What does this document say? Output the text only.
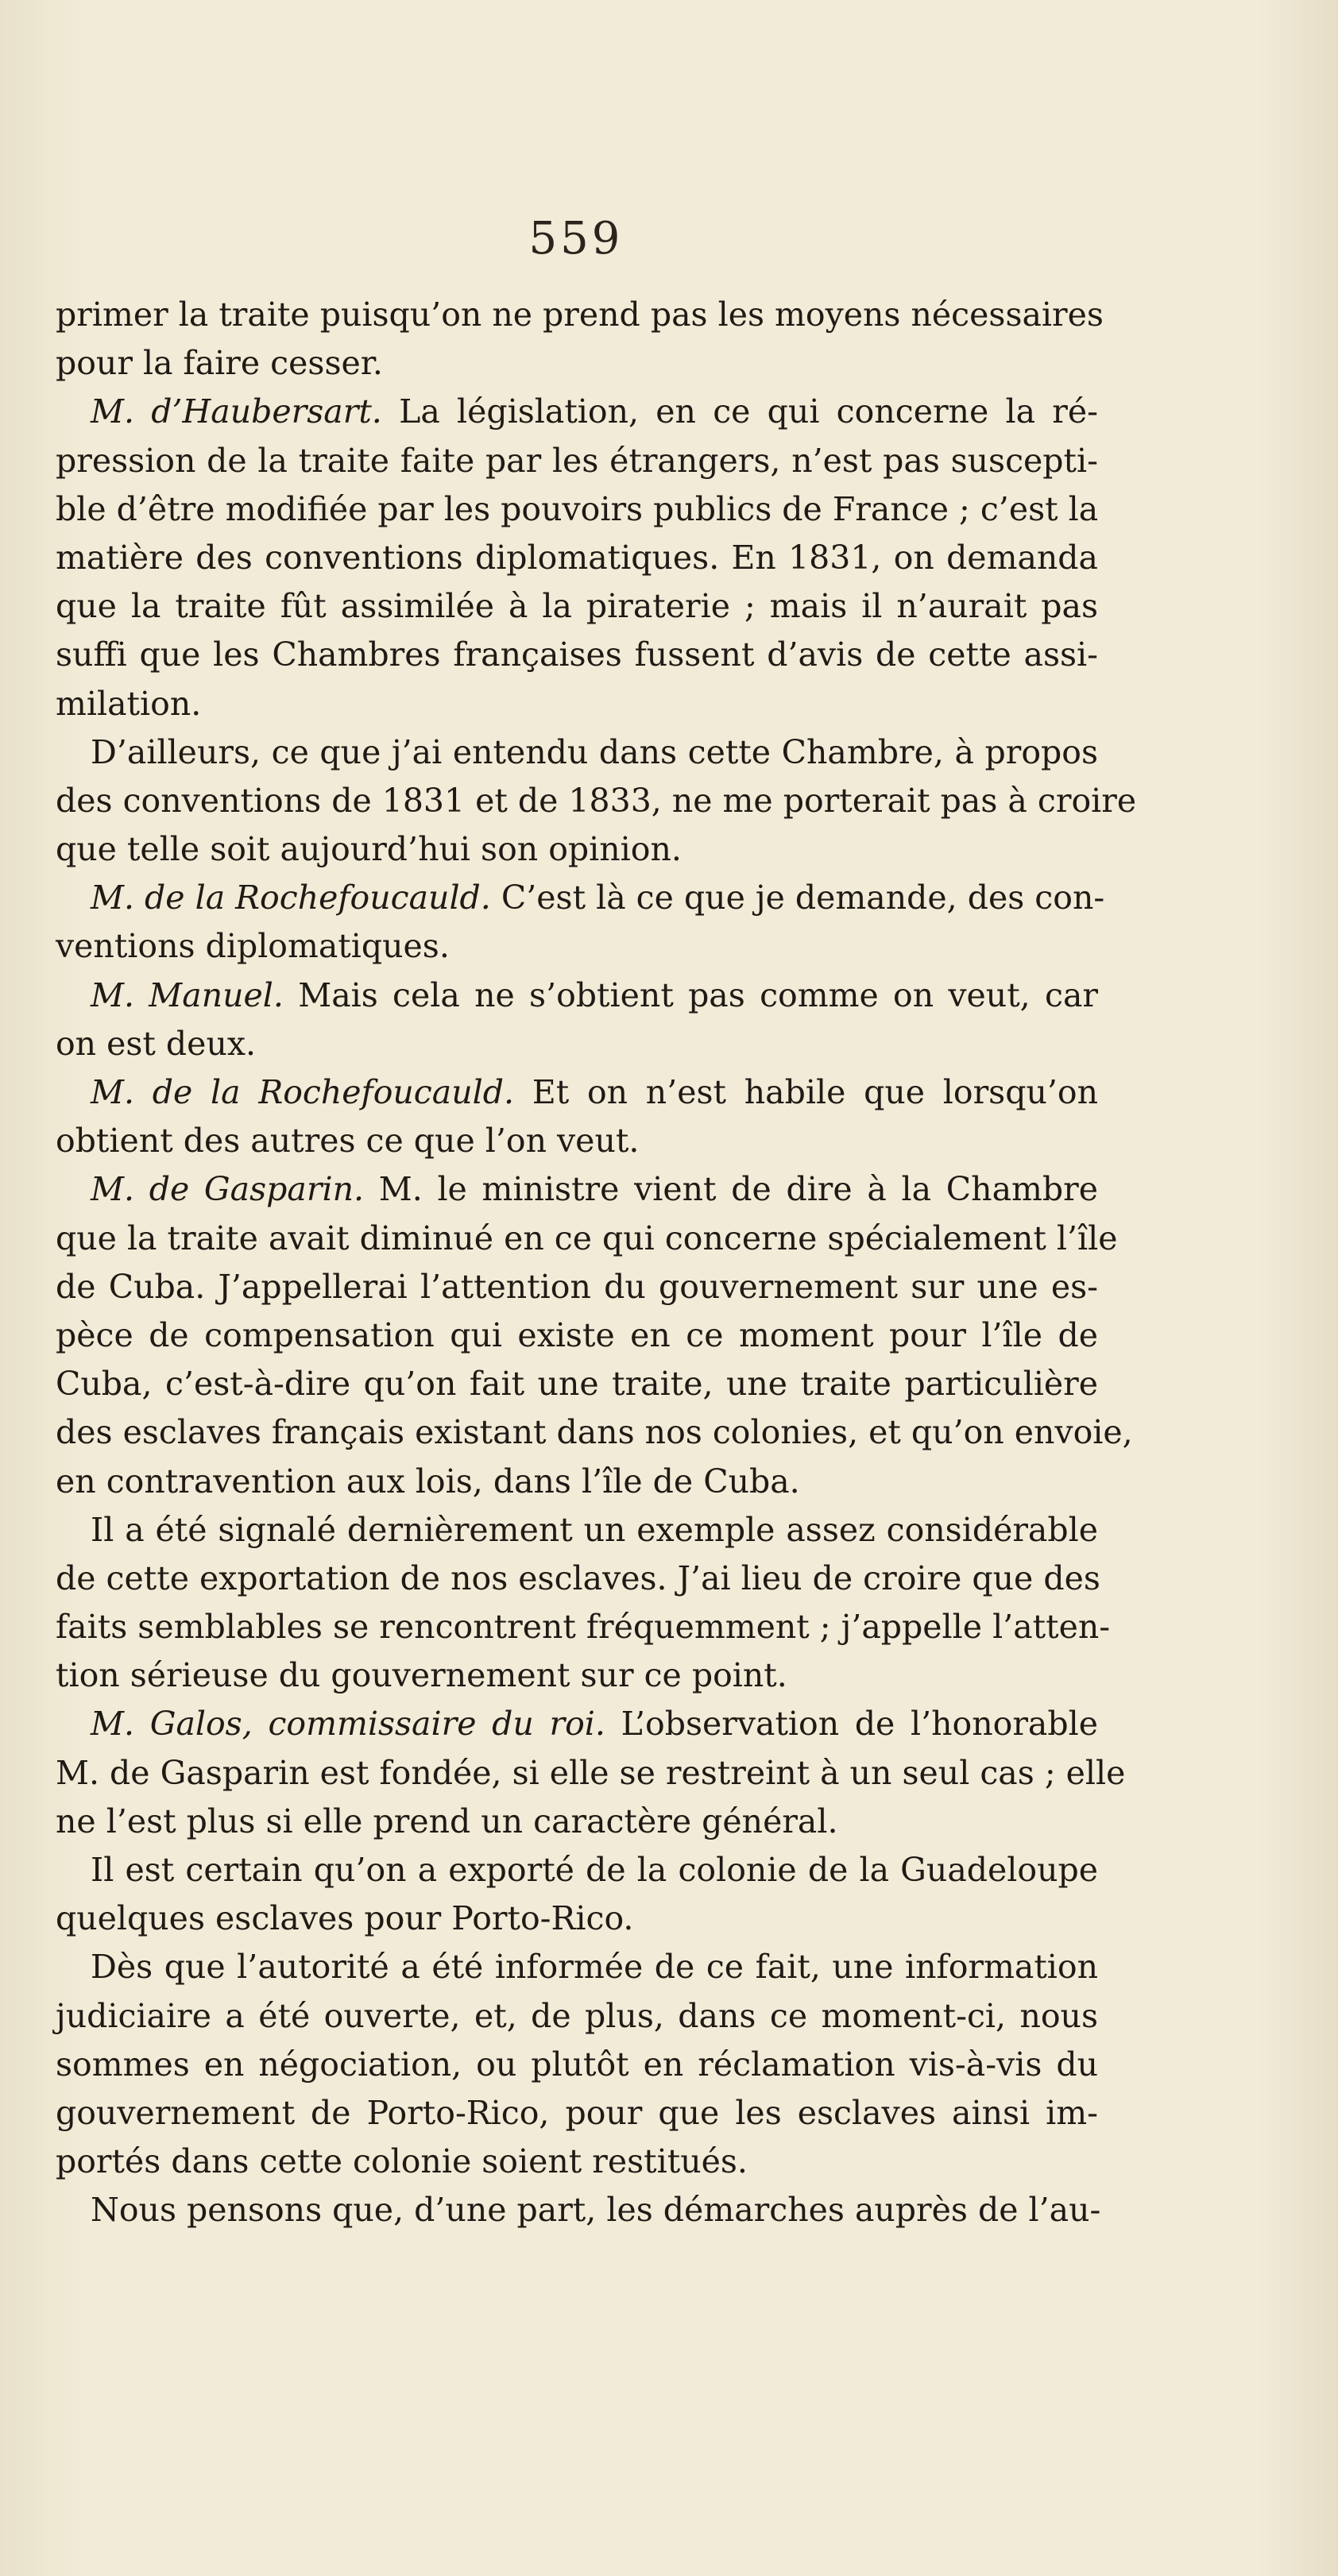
559
primer la traite puisqu’on ne prend pas les moyens nécessaires
pour la faire cesser.
M. d’Haubersart. La législation, en ce qui concerne la ré-
pression de la traite faite par les étrangers, n’est pas suscepti-
ble d’être modifiée par les pouvoirs publics de France ; c’est la
matière des conventions diplomatiques. En 1831, on demanda
que la traite fût assimilée à la piraterie ; mais il n’aurait pas
suffi que les Chambres françaises fussent d’avis de cette assi-
milation.
D’ailleurs, ce que j’ai entendu dans cette Chambre, à propos
des conventions de 1831 et de 1833, ne me porterait pas à croire
que telle soit aujourd’hui son opinion.
M. de la Rochefoucauld. C’est là ce que je demande, des con-
ventions diplomatiques.
M. Manuel. Mais cela ne s’obtient pas comme on veut, car
on est deux.
M. de la Rochefoucauld. Et on n’est habile que lorsqu’on
obtient des autres ce que l’on veut.
M. de Gasparin. M. le ministre vient de dire à la Chambre
que la traite avait diminué en ce qui concerne spécialement l’île
de Cuba. J’appellerai l’attention du gouvernement sur une es-
pèce de compensation qui existe en ce moment pour l’île de
Cuba, c’est-à-dire qu’on fait une traite, une traite particulière
des esclaves français existant dans nos colonies, et qu’on envoie,
en contravention aux lois, dans l’île de Cuba.
Il a été signalé dernièrement un exemple assez considérable
de cette exportation de nos esclaves. J’ai lieu de croire que des
faits semblables se rencontrent fréquemment ; j’appelle l’atten-
tion sérieuse du gouvernement sur ce point.
M. Galos, commissaire du roi. L’observation de l’honorable
M. de Gasparin est fondée, si elle se restreint à un seul cas ; elle
ne l’est plus si elle prend un caractère général.
Il est certain qu’on a exporté de la colonie de la Guadeloupe
quelques esclaves pour Porto-Rico.
Dès que l’autorité a été informée de ce fait, une information
judiciaire a été ouverte, et, de plus, dans ce moment-ci, nous
sommes en négociation, ou plutôt en réclamation vis-à-vis du
gouvernement de Porto-Rico, pour que les esclaves ainsi im-
portés dans cette colonie soient restitués.
Nous pensons que, d’une part, les démarches auprès de l’au-
